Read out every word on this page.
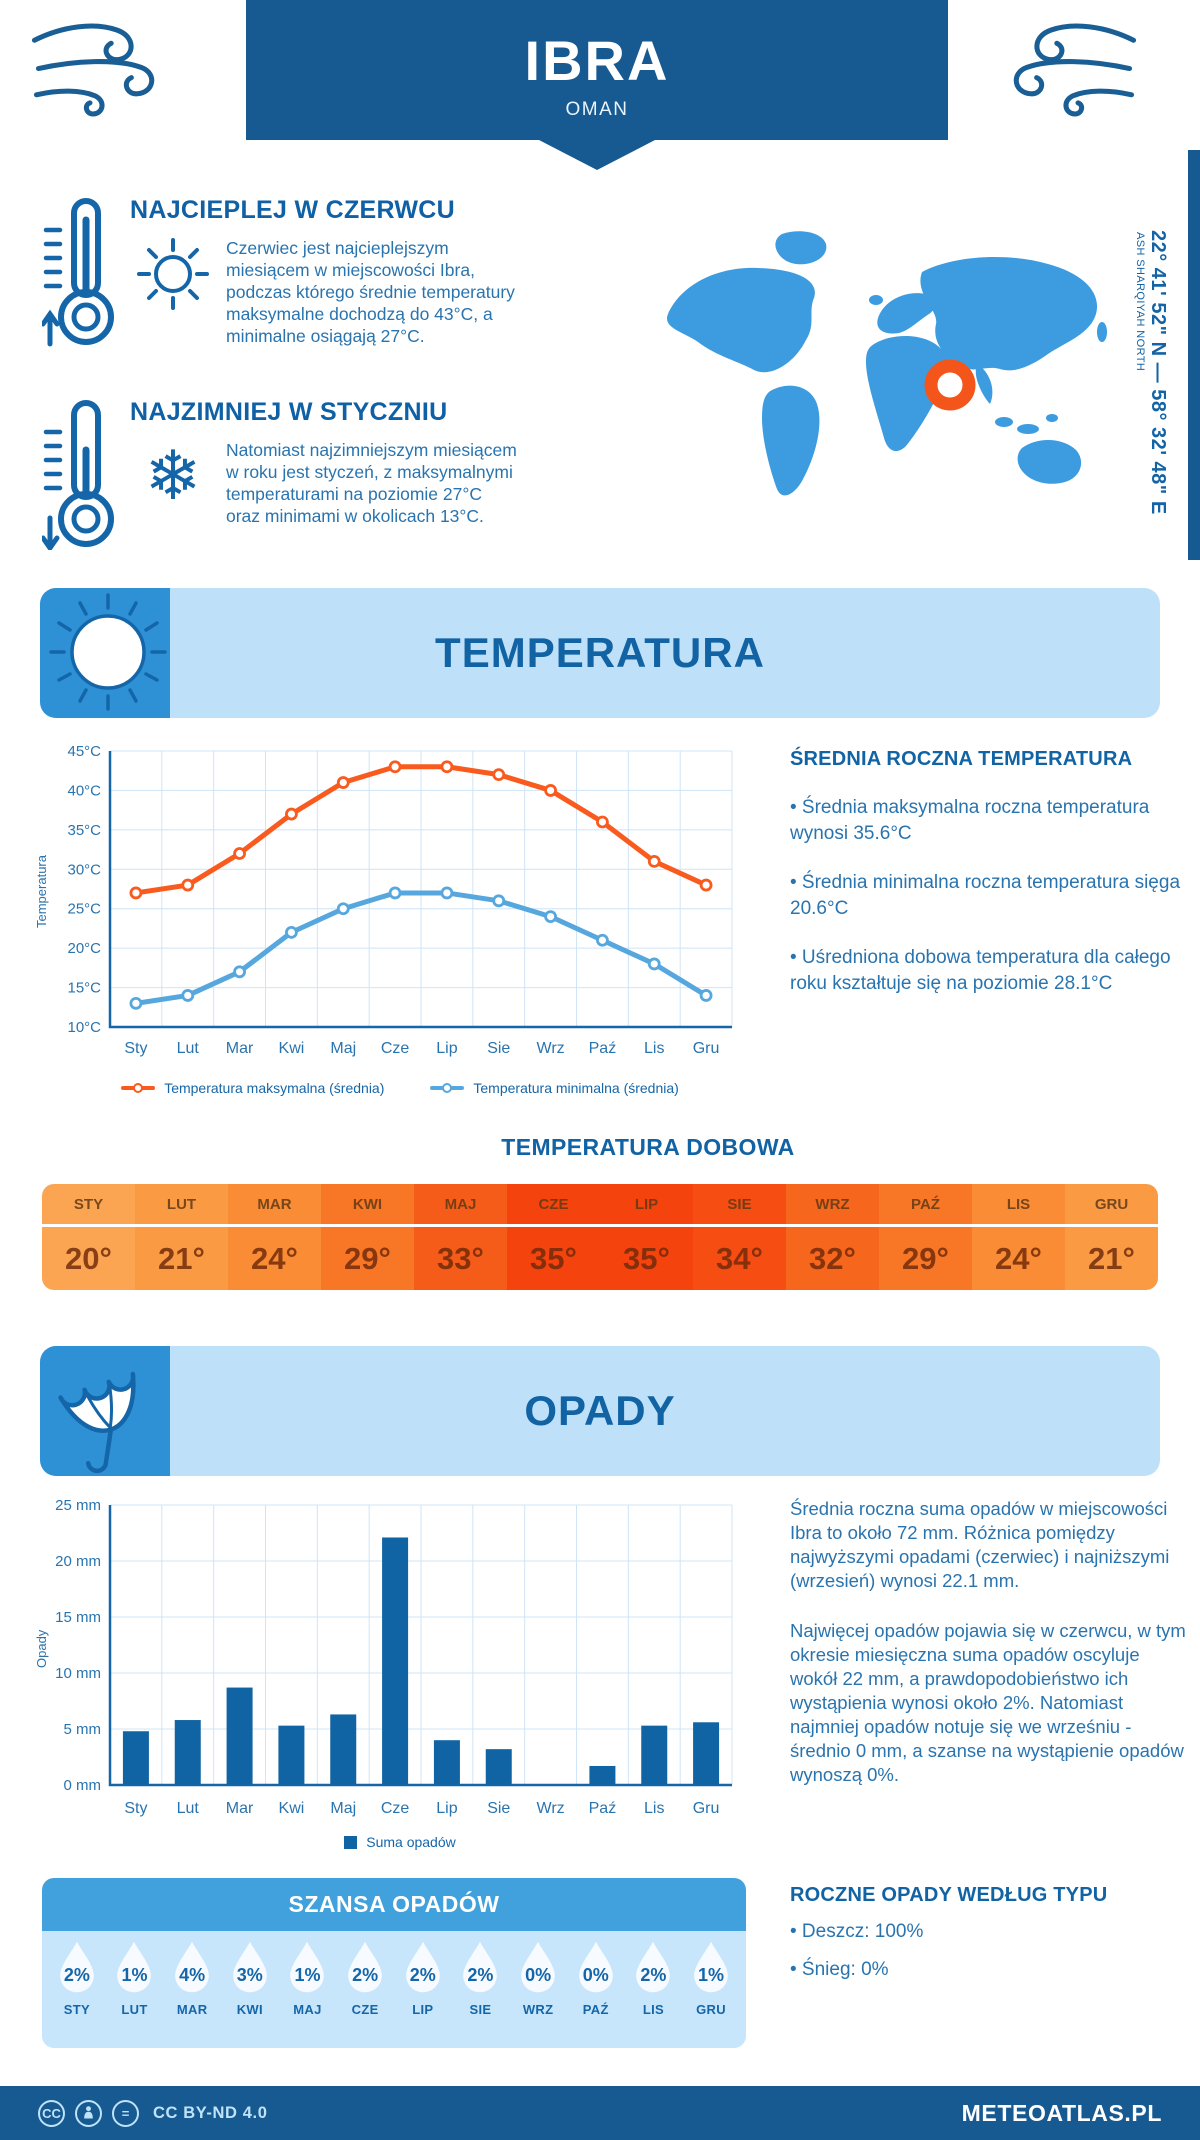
IBRA
OMAN
NAJCIEPLEJ W CZERWCU

Czerwiec jest najcieplejszym miesiącem w miejscowości Ibra, podczas którego średnie temperatury maksymalne dochodzą do 43°C, a minimalne osiągają 27°C.

NAJZIMNIEJ W STYCZNIU
❄	Natomiast najzimniejszym miesiącem w roku jest styczeń, z maksymalnymi temperaturami na poziomie 27°C oraz minimami w okolicach 13°C.

22° 41' 52" N — 58° 32' 48" E
ASH SHARQIYAH NORTH
TEMPERATURA
Temperatura
10°C
15°C
20°C
25°C
30°C
35°C
40°C
45°C
Sty Lut Mar Kwi Maj Cze Lip Sie Wrz Paź Lis Gru
Temperatura maksymalna (średnia)	Temperatura minimalna (średnia)
ŚREDNIA ROCZNA TEMPERATURA

• Średnia maksymalna roczna temperatura wynosi 35.6°C

• Średnia minimalna roczna temperatura sięga 20.6°C

• Uśredniona dobowa temperatura dla całego roku kształtuje się na poziomie 28.1°C

TEMPERATURA DOBOWA
STY
20°
LUT
21°
MAR
24°
KWI
29°
MAJ
33°
CZE
35°
LIP
35°
SIE
34°
WRZ
32°
PAŹ
29°
LIS
24°
GRU
21°
OPADY
Opady
0 mm
5 mm
10 mm
15 mm
20 mm
25 mm
Sty Lut Mar Kwi Maj Cze Lip Sie Wrz Paź Lis Gru
Suma opadów

Średnia roczna suma opadów w miejscowości Ibra to około 72 mm. Różnica pomiędzy najwyższymi opadami (czerwiec) i najniższymi (wrzesień) wynosi 22.1 mm.

Najwięcej opadów pojawia się w czerwcu, w tym okresie miesięczna suma opadów oscyluje wokół 22 mm, a prawdopodobieństwo ich wystąpienia wynosi około 2%. Natomiast najmniej opadów notuje się we wrześniu - średnio 0 mm, a szanse na wystąpienie opadów wynoszą 0%.

SZANSA OPADÓW
2%
STY
1%
LUT
4%
MAR
3%
KWI
1%
MAJ
2%
CZE
2%
LIP
2%
SIE
0%
WRZ
0%
PAŹ
2%
LIS
1%
GRU
ROCZNE OPADY WEDŁUG TYPU

• Deszcz: 100%

• Śnieg: 0%

CC	=	CC BY-ND 4.0	METEOATLAS.PL
